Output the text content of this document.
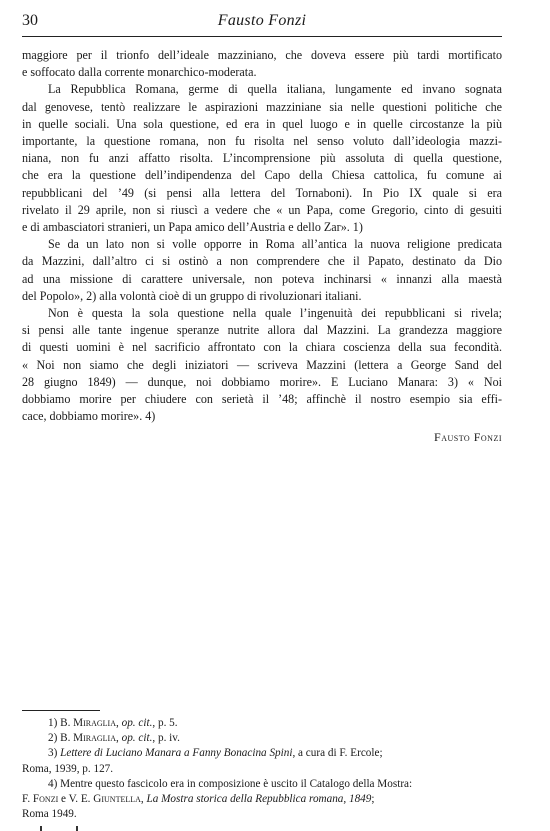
30	Fausto Fonzi
maggiore per il trionfo dell’ideale mazziniano, che doveva essere più tardi mortificato
e soffocato dalla corrente monarchico-moderata.
La Repubblica Romana, germe di quella italiana, lungamente ed invano sognata
dal genovese, tentò realizzare le aspirazioni mazziniane sia nelle questioni politiche che
in quelle sociali. Una sola questione, ed era in quel luogo e in quelle circostanze la più
importante, la questione romana, non fu risolta nel senso voluto dall’ideologia mazzi-
niana, non fu anzi affatto risolta. L’incomprensione più assoluta di quella questione,
che era la questione dell’indipendenza del Capo della Chiesa cattolica, fu comune ai
repubblicani del ’49 (si pensi alla lettera del Tornaboni). In Pio IX quale si era
rivelato il 29 aprile, non si riuscì a vedere che « un Papa, come Gregorio, cinto di gesuiti
e di ambasciatori stranieri, un Papa amico dell’Austria e dello Zar». 1)
Se da un lato non si volle opporre in Roma all’antica la nuova religione predicata
da Mazzini, dall’altro ci si ostinò a non comprendere che il Papato, destinato da Dio
ad una missione di carattere universale, non poteva inchinarsi « innanzi alla maestà
del Popolo», 2) alla volontà cioè di un gruppo di rivoluzionari italiani.
Non è questa la sola questione nella quale l’ingenuità dei repubblicani si rivela;
si pensi alle tante ingenue speranze nutrite allora dal Mazzini. La grandezza maggiore
di questi uomini è nel sacrificio affrontato con la chiara coscienza della sua fecondità.
« Noi non siamo che degli iniziatori — scriveva Mazzini (lettera a George Sand del
28 giugno 1849) — dunque, noi dobbiamo morire». E Luciano Manara: 3) « Noi
dobbiamo morire per chiudere con serietà il ’48; affinchè il nostro esempio sia effi-
cace, dobbiamo morire». 4)
Fausto Fonzi
1) B. Miraglia, op. cit., p. 5.
2) B. Miraglia, op. cit., p. iv.
3) Lettere di Luciano Manara a Fanny Bonacina Spini, a cura di F. Ercole;
Roma, 1939, p. 127.
4) Mentre questo fascicolo era in composizione è uscito il Catalogo della Mostra:
F. Fonzi e V. E. Giuntella, La Mostra storica della Repubblica romana, 1849;
Roma 1949.
